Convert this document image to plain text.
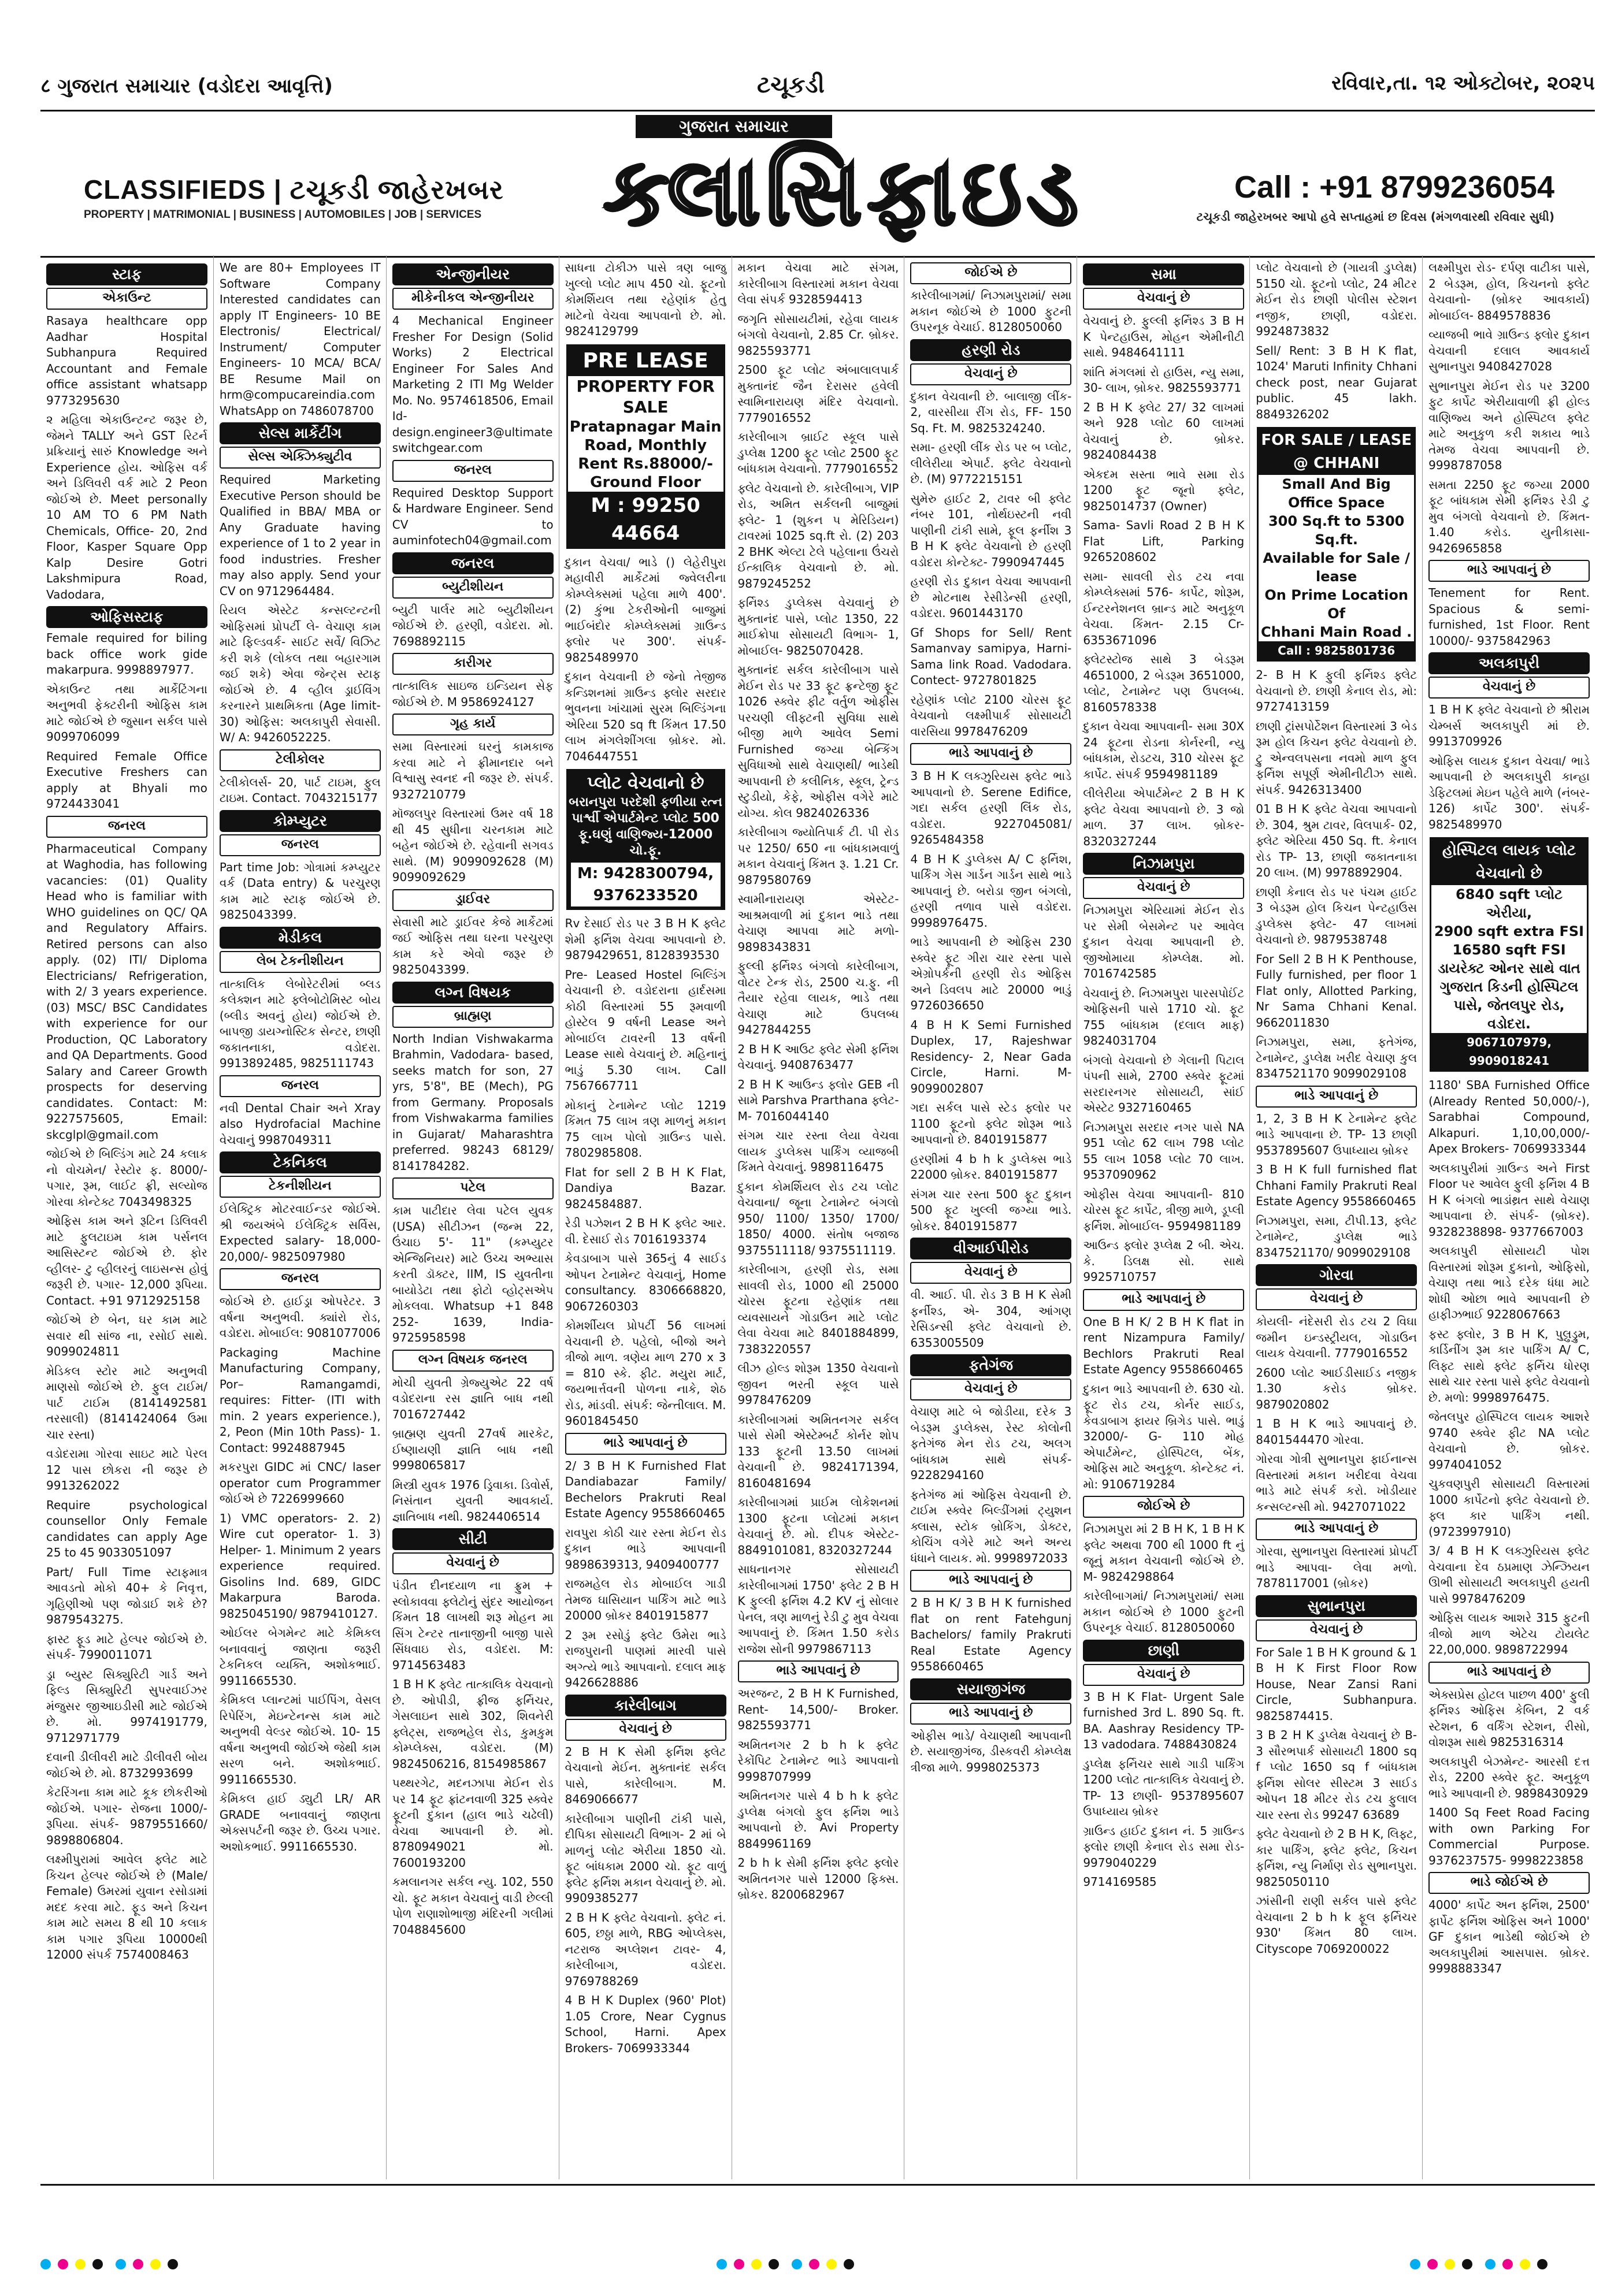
८ ગુજરાત સમાચાર (વડોદરા આવૃત્તિ)	ટચૂકડી	રવિવાર,તા. ૧૨ ઓક્ટોબર, ૨૦૨૫
CLASSIFIEDS | ટચૂકડી જાહેરખબર
PROPERTY | MATRIMONIAL | BUSINESS | AUTOMOBILES | JOB | SERVICES
ગુજરાત સમાચાર
ક્લાસિફાઇડ	Call : +91 8799236054
ટચૂકડી જાહેરખબર આપો હવે સપ્તાહમાં છ દિવસ (મંગળવારથી રવિવાર સુધી)
સ્ટાફ
એકાઉન્ટ
Rasaya healthcare opp Aadhar Hospital Subhanpura Required Accountant and Female office assistant whatsapp 9773295630
૨ મહિલા એકાઉન્ટન્ટ જરૂર છે, જેમને TALLY અને GST રિટર્ન પ્રક્રિયાનું સારું Knowledge અને Experience હોય. ઓફિસ વર્ક અને ડિલિવરી વર્ક માટે 2 Peon જોઈએ છે. Meet personally 10 AM TO 6 PM Nath Chemicals, Office- 20, 2nd Floor, Kasper Square Opp Kalp Desire Gotri Lakshmipura Road, Vadodara,
ઓફિસસ્ટાફ
Female required for biling back office work gide makarpura. 9998897977.
એકાઉન્ટ તથા માર્કેટિંગના અનુભવી ફેક્ટરીની ઓફિસ કામ માટે જોઈએ છે જુસાન સર્કલ પાસે 9099706099
Required Female Office Executive Freshers can apply at Bhyali mo 9724433041
જનરલ
Pharmaceutical Company at Waghodia, has following vacancies: (01) Quality Head who is familiar with WHO guidelines on QC/ QA and Regulatory Affairs. Retired persons can also apply. (02) ITI/ Diploma Electricians/ Refrigeration, with 2/ 3 years experience. (03) MSC/ BSC Candidates with experience for our Production, QC Laboratory and QA Departments. Good Salary and Career Growth prospects for deserving candidates. Contact: M: 9227575605, Email: skcglpl@gmail.com
જોઈએ છે બિલ્ડિંગ માટે 24 કલાક નો વોચમેન/ રેસ્ટોર ફ. 8000/- પગાર, રૂમ, લાઈટ ફ્રી, સલ્યોજ ગોરવા કોન્ટેક્ટ 7043498325
ઓફિસ કામ અને રૂટિન ડિલિવરી માટે ફુલટાઇમ કામ પર્સનલ આસિસ્ટન્ટ જોઈએ છે. ફોર વ્હીલર- ટુ વ્હીલરનું લાઇસન્સ હોવું જરૂરી છે. પગાર- 12,000 રૂપિયા. Contact. +91 9712925158
જોઈએ છે બેન, ઘર કામ માટે સવાર થી સાંજ ના, રસોઈ સાથે. 9099024811
મેડિકલ સ્ટોર માટે અનુભવી માણસો જોઈએ છે. ફુલ ટાઈમ/ પાર્ટ ટાઈમ (8141492581 તરસાલી) (8141424064 ઉમા ચાર રસ્તા)
વડોદરામા ગોરવા સાઇટ માટે પેરલ 12 પાસ છોકરા ની જરૂર છે 9913262022
Require psychological counsellor Only Female candidates can apply Age 25 to 45 9033051097
Part/ Full Time સ્ટાફમાત્ર આવડતો મોકો 40+ કે નિવૃત્ત, ગૃહિણીઓ પણ જોડાઈ શકે છે? 9879543275.
ફાસ્ટ ફૂડ માટે હેલ્પર જોઈએ છે. સંપર્ક- 7990011071
ડ્રા બ્યુસ્ટ સિક્યુરિટી ગાર્ડ અને ફિલ્ડ સિક્યુરિટી સુપરવાઈઝર મંજુસર જીઆઇડીસી માટે જોઈએ છે. મો. 9974191779, 9712971779
દવાની ડીલીવરી માટે ડીલીવરી બોય જોઈએ છે. મો. 8732993699
કેટરિંગના કામ માટે કૂક છોકરીઓ જોઈએ. પગાર- રોજના 1000/- રૂપિયા. સંપર્ક- 9879551660/ 9898806804.
લક્ષ્મીપુરામાં આવેલ ફ્લેટ માટે કિચન હેલ્પર જોઈએ છે (Male/ Female) ઉમરમાં યુવાન રસોડામાં મદદ કરવા માટે. ફૂડ અને કિચન કામ માટે સમય 8 થી 10 કલાક કામ પગાર રૂપિયા 10000થી 12000 સંપર્ક 7574008463
We are 80+ Employees IT Software Company Interested candidates can apply IT Engineers- 10 BE Electronis/ Electrical/ Instrument/ Computer Engineers- 10 MCA/ BCA/ BE Resume Mail on hrm@compucareindia.com WhatsApp on 7486078700
સેલ્સ માર્કેટીંગ
સેલ્સ એક્ઝિક્યુટીવ
Required Marketing Executive Person should be Qualified in BBA/ MBA or Any Graduate having experience of 1 to 2 year in food industries. Fresher may also apply. Send your CV on 9712964484.
રિયલ એસ્ટેટ કન્સલ્ટન્ટની ઓફિસમાં પ્રોપર્ટી લે- વેચાણ કામ માટે ફિલ્ડવર્ક- સાઈટ સર્વે/ વિઝિટ કરી શકે (લોકલ તથા બહારગામ જઈ શકે) એવા જેન્ટ્સ સ્ટાફ જોઈએ છે. 4 વ્હીલ ડ્રાઈવિંગ કરનારને પ્રાથમિકતા (Age limit- 30) ઓફિસ: અલકાપુરી સેવાસી. W/ A: 9426052225.
ટેલીકોલર
ટેલીકોલર્સ- 20, પાર્ટ ટાઇમ, ફુલ ટાઇમ. Contact. 7043215177
કોમ્પ્યુટર
જનરલ
Part time Job: ગોત્રામાં કમ્પ્યુટર વર્ક (Data entry) & પરચુરણ કામ માટે સ્ટાફ જોઈએ છે. 9825043399.
મેડીકલ
લેબ ટેકનીશીયન
તાત્કાલિક લેબોરેટરીમાં બ્લડ કલેક્શન માટે ફ્લેબોટોમિસ્ટ બોય (બ્લીડ અવનું હોય) જોઈએ છે. બાપજી ડાયગ્નોસ્ટિક સેન્ટર, છાણી જકાતનાકા, વડોદરા. 9913892485, 9825111743
જનરલ
નવી Dental Chair અને Xray also Hydrofacial Machine વેચવાનું 9987049311
ટેકનિકલ
ટેકનીશીયન
ઈલેક્ટ્રિક મોટરવાઈન્ડર જોઈએ. શ્રી જયઅંબે ઈલેક્ટ્રિક સર્વિસ, Expected salary- 18,000- 20,000/- 9825097980
જનરલ
જોઈએ છે. હાઈડ્રા ઓપરેટર. 3 વર્ષના અનુભવી. ક્યાંરો રોડ, વડોદરા. મોબાઈલ: 9081077006
Packaging Machine Manufacturing Company, Por– Ramangamdi, requires: Fitter- (ITI with min. 2 years experience.), 2, Peon (Min 10th Pass)- 1. Contact: 9924887945
મકરપુરા GIDC માં CNC/ laser operator cum Programmer જોઈએ છે 7226999660
1) VMC operators- 2. 2) Wire cut operator- 1. 3) Helper- 1. Minimum 2 years experience required. Gisolins Ind. 689, GIDC Makarpura Baroda. 9825045190/ 9879410127.
ઓઈલર બેગમેન્ટ માટે કેમિકલ બનાવવાનું જાણતા જરૂરી ટેકનિકલ વ્યક્તિ, અશોકભાઈ. 9911665530.
કેમિકલ પ્લાન્ટમાં પાઈપિંગ, વેસલ રિપેરિંગ, મેઇન્ટેનન્સ કામ માટે અનુભવી વેલ્ડર જોઈએ. 10- 15 વર્ષના અનુભવી જોઈએ જેથી કામ સરળ બને. અશોકભાઈ. 9911665530.
કેમિકલ હાઈ ડ્યુટી LR/ AR GRADE બનાવવાનું જાણતા એક્સપર્ટની જરૂર છે. ઉચ્ચ પગાર. અશોકભાઈ. 9911665530.
એન્જીનીયર
મીકેનીકલ એન્જીનીયર
4 Mechanical Engineer Fresher For Design (Solid Works) 2 Electrical Engineer For Sales And Marketing 2 ITI Mg Welder Mo. No. 9574618506, Email Id- design.engineer3@ultimate switchgear.com
જનરલ
Required Desktop Support & Hardware Engineer. Send CV to auminfotech04@gmail.com
જનરલ
બ્યુટીશીયન
બ્યુટી પાર્લર માટે બ્યુટીશીયન જોઈએ છે. હરણી, વડોદરા. મો. 7698892115
કારીગર
તાત્કાલિક સાઇજ ઇન્ડિયન સેફ જોઈએ છે. M 9586924127
ગૃહ કાર્ય
સમા વિસ્તારમાં ઘરનું કામકાજ કરવા માટે ને ફ્રીમાનદાર બને વિશ્વાસુ સ્વનદ ની જરૂર છે. સંપર્ક. 9327210779
મૉજલપુર વિસ્તારમાં ઉમર વર્ષ 18 થી 45 સુધીના ચરનકામ માટે બહેન જોઈએ છે. રહેવાની સગવડ સાથે. (M) 9099092628 (M) 9099092629
ડ્રાઈવર
સેવાસી માટે ડ્રાઈવર કેજે માર્કેટમાં જઈ ઓફિસ તથા ઘરના પરચુરણ કામ કરે એવો જરૂર છે 9825043399.
લગ્ન વિષયક
બ્રાહ્મણ
North Indian Vishwakarma Brahmin, Vadodara- based, seeks match for son, 27 yrs, 5'8", BE (Mech), PG from Germany. Proposals from Vishwakarma families in Gujarat/ Maharashtra preferred. 98243 68129/ 8141784282.
પટેલ
કામ પાટીદાર લેવા પટેલ યુવક (USA) સીટીઝન (જન્મ 22, ઉંચાઇ 5'- 11" (કમ્પ્યુટર એન્જિનિયર) માટે ઉચ્ચ અભ્યાસ કરતી ડૉક્ટર, IIM, IS યુવતીના બાયોડેટા તથા ફોટો વ્હોટ્સએપ મોકલવા. Whatsup +1 848 252- 1639, India- 9725958598
લગ્ન વિષયક જનરલ
મોચી યુવતી ગ્રેજ્યુએટ 22 વર્ષ વડોદરાના રસ જ્ઞાતિ બાધ નથી 7016727442
બ્રાહ્મણ યુવતી 27વર્ષ મારકેટ, ઈષ્ણાયણી જ્ઞાતિ બાધ નથી 9998065817
મિસ્ત્રી યુવક 1976 ડ્રિવાકા. ડિવોર્સ, નિસંતાન યુવતી આવકાર્ય. જ્ઞાતિબાધ નથી. 9824406514
સીટી
વેચવાનું છે
પંડીત દીનદયાળ ના ફ્રુમ + સ્લોકાવવા ફ્લેટોનું સુંદર આયોજન કિંમત 18 લાખથી શરૂ મોહન મા સિંગ ટેન્ટર તાનાજીની બાજી પાસે સિંધવાઇ રોડ, વડોદરા. M: 9714563483
1 B H K ફ્લેટ તાત્કાલિક વેચવાનો છે. ઓપીડી, ફ્રીજ ફર્નિચર, ગેસલાઇન સાથે 302, શિવનેરી ફ્લેટ્સ, રાજભહેલ રોડ, કુમકુમ કોમ્પ્લેક્સ, વડોદરા. (M) 9824506216, 8154985867
પથ્થરગેટ, મદનઝાપા મેઈન રોડ પર 14 ફૂટ ફ્રાંટનવાળી 325 સ્ક્વેર ફૂટની દુકાન (હાલ ભાડે ચઢેલી) વેચવા આપવાની છે. મો. 8780949021 મો. 7600193200
કમલાનગર સર્કલ ન્યુ. 102, 550 ચો. ફૂટ મકાન વેચવાનું વાડી છેલ્લી પોળ રાણાશોભાજી મંદિરની ગલીમાં 7048845600
સાધના ટોકીઝ પાસે ત્રણ બાજુ ખુલ્લો પ્લોટ માપ 450 ચો. ફૂટનો કોમર્શિયલ તથા રહેણાંક હેતુ માટેનો વેચવા આપવાનો છે. મો. 9824129799
PRE LEASE
PROPERTY FOR SALE
Pratapnagar Main Road, Monthly Rent Rs.88000/- Ground Floor
M : 99250 44664
દુકાન વેચવા/ ભાડે () લેહેરીપુરા મહાવીરી માર્કેટમાં જ્વેલરીના કોમ્પ્લેક્સમાં પહેલા માળે 400'. (2) કુંભા ટેકરીઓની બાજુમાં ભાઈબંદોર કોમ્પ્લેક્સમાં ગ્રાઉન્ડ ફ્લોર પર 300'. સંપર્ક- 9825489970
દુકાન વેચવાની છે જેનો તેજીજ કન્ડિશનમાં ગ્રાઉન્ડ ફ્લોર સરદાર ભુવનના ખાંચામાં સુરમ બિલ્ડિંગના એરિયા 520 sq ft કિંમત 17.50 લાખ મંગલેશીંગલા બ્રોકર. મો. 7046447551
પ્લોટ વેચવાનો છે
બરાનપુરા પરદેશી ફળીયા રત્ન પાર્શ્વી એપાર્ટમેન્ટ પ્લોટ 500 ફૂ.ઘણું વાણિજ્ય-12000 ચો.ફૂ.
M: 9428300794, 9376233520
Rv દેસાઈ રોડ પર 3 B H K ફ્લેટ શેમી ફર્નિશ વેચવા આપવાનો છે. 9879429651, 8128393530
Pre- Leased Hostel બિલ્ડિંગ વેચવાની છે. વડોદરાના હાર્દસમા કોઠી વિસ્તારમાં 55 રૂમવાળી હોસ્ટેલ 9 વર્ષની Lease અને મોબાઈલ ટાવરની 13 વર્ષની Lease સાથે વેચવાનું છે. મહિનાનું ભાડું 5.30 લાખ. Call 7567667711
મોકાનું ટેનામેન્ટ પ્લોટ 1219 કિંમત 75 લાખ ત્રણ માળનું મકાન 75 લાખ પોલો ગ્રાઉન્ડ પાસે. 7802985808.
Flat for sell 2 B H K Flat, Dandiya Bazar. 9824584887.
રેડી પઝેશન 2 B H K ફ્લેટ આર. વી. દેસાઈ રોડ 7016193374
કેવડાબાગ પાસે 365નું 4 સાઈડ ઓપન ટેનામેન્ટ વેચવાનું, Home consultancy. 8306668820, 9067260303
કોમર્શીયલ પ્રોપર્ટી 56 લાખમાં વેચવાની છે. પહેલો, બીજો અને ત્રીજો માળ. ત્રણેય માળ 270 x 3 = 810 સ્કે. ફીટ. મયુરા માર્ટ, જયભાર્ત્તવની પોળના નાકે, શેઠ રોડ, માંડવી. સંપર્ક: જેન્તીલાલ. M. 9601845450
ભાડે આપવાનું છે
2/ 3 B H K Furnished Flat Dandiabazar Family/ Bechelors Prakruti Real Estate Agency 9558660465
રાવપુરા કોઠી ચાર રસ્તા મેઈન રોડ દુકાન ભાડે આપવાની 9898639313, 9409400777
રાજમહેલ રોડ મોબાઈલ ગાડી તેમજ ઘાસિયાન પાર્કિંગ માટે ભાડે 20000 બ્રોકર 8401915877
2 રૂમ રસોડું ફ્લેટ ઉમેરા ભાડે રાજપુરાની પાણમાં મારવી પાસે અગ્ત્યે ભાડે આપવાનો. દલાલ માફ 9426628886
કારેલીબાગ
વેચવાનું છે
2 B H K સેમી ફર્નિશ ફ્લેટ વેચવાનો મેઈન. મુક્તાનંદ સર્કલ પાસે, કારેલીબાગ. M. 8469066677
કારેલીબાગ પાણીની ટાંકી પાસે, દીપિકા સોસાયટી વિભાગ- 2 માં બે માળનું પ્લોટ એરીયા 1850 ચો. ફૂટ બાંધકામ 2000 ચો. ફૂટ વાળું ફ્લેટ ફર્નિશ મકાન વેચવાનું છે. મો. 9909385277
2 B H K ફ્લેટ વેચવાનો. ફ્લેટ નં. 605, છઠ્ઠા માળે, RBG ઓપ્લેક્સ, નટરાજ અપ્લેશન ટાવર- 4, કારેલીબાગ, વડોદરા. 9769788269
4 B H K Duplex (960' Plot) 1.05 Crore, Near Cygnus School, Harni. Apex Brokers- 7069933344
મકાન વેચવા માટે સંગમ, કારેલીબાગ વિસ્તારમાં મકાન વેચવા લેવા સંપર્ક 9328594413
જગૃતિ સોસાયટીમાં, રહેવા લાયક બંગલો વેચવાનો, 2.85 Cr. બ્રોકર. 9825593771
2500 ફૂટ પ્લોટ અંબાલાલપાર્ક મુક્તાનંદ જૈન દેરાસર હવેલી સ્વામિનારાયણ મંદિર વેચવાનો. 7779016552
કારેલીબાગ બ્રાઈટ સ્કૂલ પાસે ડુપ્લેક્ષ 1200 ફૂટ પ્લોટ 2500 ફૂટ બાંધકામ વેચવાનો. 7779016552
ફ્લેટ વેચવાનો છે. કારેલીબાગ, VIP રોડ, અમિત સર્કલની બાજુમાં ફ્લેટ- 1 (શુકન ૫ મેરિડિયન) ટાવરમાં 1025 sq.ft રો. (2) 203 2 BHK એલ્ટા ટેલે પહેલાના ઉંચરો ઈત્કાલિક વેચવાનો છે. મો. 9879245252
ફર્નિશ્ડ ડુપ્લેક્સ વેચવાનું છે મુક્તાનંદ પાસે, પ્લોટ 1350, 22 માઈક્રોપા સોસાયટી વિભાગ- 1, મોબાઈલ- 9825070428.
મુક્તાનંદ સર્કલ કારેલીબાગ પાસે મેઈન રોડ પર 33 ફૂટ ફ્રન્ટેજી ફૂટ 1026 સ્ક્વેર ફીટ વર્તુળ ઓફીસ પરચણી લીફ્ટની સુવિધા સાથે બીજી માળે આવેલ Semi Furnished જગ્યા બેન્કિંગ સુવિધાઓ સાથે વેચાણથી/ ભાડેથી આપવાની છે કલીનિક, સ્કૂલ, ટ્રેન્ડ સ્ટુડીયો, કેફે, ઓફીસ વગેરે માટે યોગ્ય. કોલ 9824026336
કારેલીબાગ જ્યોતિપાર્ક ટી. પી રોડ પર 1250/ 650 ના બાંધકામવાળું મકાન વેચવાનું કિંમત રૂ. 1.21 Cr. 9879580769
સ્વામીનારાયણ એસ્ટેટ- આશ્રમવાળી માં દુકાન ભાડે તથા વેચાણ આપવા માટે મળો- 9898343831
ફુલ્લી ફર્નિશ્ડ બંગલો કારેલીબાગ, વોટર ટેન્ક રોડ, 2500 ચ.ફુ. ની તૈયાર રહેવા લાયક, ભાડે તથા વેચાણ માટે ઉપલબ્ધ 9427844255
2 B H K આઉટ ફ્લેટ સેમી ફર્નિશ વેચવાનું. 9408763477
2 B H K આઉન્ડ ફ્લોર GEB ની સામે Parshva Prarthana ફ્લેટ- M- 7016044140
સંગમ ચાર રસ્તા લેયા વેચવા લાયક ડુપ્લેક્સ પાર્કિંગ વ્યાજબી કિંમતે વેચવાનું. 9898116475
દુકાન કોમર્શિયલ રોડ ટચ પ્લોટ વેચવાના/ જૂના ટેનામેન્ટ બંગલો 950/ 1100/ 1350/ 1700/ 1850/ 4000. સંતોષ બજાજ 9375511118/ 9375511119.
કારેલીબાગ, હરણી રોડ, સમા સાવલી રોડ, 1000 થી 25000 ચોરસ ફૂટના રહેણાંક તથા વ્યવસાયને ગોડાઉન માટે પ્લોટ લેવા વેચવા માટે 8401884899, 7383220557
લીઝ હોલ્ડ શોરૂમ 1350 વેચવાનો જીવન ભરતી સ્કૂલ પાસે 9978476209
કારેલીબાગમાં અમિતનગર સર્કલ પાસે સેમી એસ્ટેમ્બર્ટ કોર્નર શોપ 133 ફૂટની 13.50 લાખમાં વેચવાની છે. 9824171394, 8160481694
કારેલીબાગમાં પ્રાઈમ લોકેશનમાં 1300 ફૂટના પ્લોટમાં મકાન વેચવાનું છે. મો. દીપક એસ્ટેટ- 8849101081, 8320327244
સાધનાનગર સોસાયટી કારેલીબાગમાં 1750' ફ્લેટ 2 B H K ફુલ્લી ફર્નિશ 4.2 KV નું સોલાર પેનલ, ત્રણ માળનું રેડી ટુ મુવ વેચવા આપવાનું છે. કિંમત 1.50 કરોડ રાજેશ સોની 9979867113
ભાડે આપવાનું છે
અરજન્ટ, 2 B H K Furnished, Rent- 14,500/- Broker. 9825593771
અમિતનગર 2 b h k ફ્લેટ રેકોંપિટ ટેનામેન્ટ ભાડે આપવાનો 9998707999
અમિતનગર પાસે 4 b h k ફ્લેટ ડુપ્લેક્ષ બંગલો ફુલ ફર્નિશ ભાડે આપવાનો છે. Avi Property 8849961169
2 b h k સેમી ફર્નિશ ફ્લેટ ફ્લોર અમિતનગર પાસે 12000 ફિક્સ. બ્રોકર. 8200682967
જોઈએ છે
કારેલીબાગમાં/ નિઝામપુરામાં/ સમા મકાન જોઈએ છે 1000 ફુટની ઉપરનૂક વેચાઈ. 8128050060
હરણી રોડ
વેચવાનું છે
દુકાન વેચવાની છે. બાલાજી લીંક- 2, વારસીયા રીંગ રોડ, FF- 150 Sq. Ft. M. 9825324240.
સમા- હરણી લીંક રોડ પર બ પ્લોટ, લીલેરીયા એપાર્ટ. ફ્લેટ વેચવાનો છે. (M) 9772215151
સુમેરુ હાઈટ 2, ટાવર બી ફ્લેટ નંબર 101, નોર્થઇસ્ટની નવી પાણીની ટાંકી સામે, ફૂલ ફર્નીશ 3 B H K ફ્લેટ વેચવાનો છે હરણી વડોદરા કોન્ટેક્ટ- 7990947445
હરણી રોડ દુકાન વેચવા આપવાની છે મોટનાથ રેસીડેન્સી હરણી, વડોદરા. 9601443170
Gf Shops for Sell/ Rent Samanvay samipya, Harni- Sama link Road. Vadodara. Contect- 9727801825
રહેણાંક પ્લોટ 2100 ચોરસ ફૂટ વેચવાનો લક્ષ્મીપાર્ક સોસાયટી વારસિયા 9978476209
ભાડે આપવાનું છે
3 B H K લક્ઝુરિયસ ફ્લેટ ભાડે આપવાનો છે. Serene Edifice, ગદા સર્કલ હરણી લિંક રોડ, વડોદરા. 9227045081/ 9265484358
4 B H K ડુપ્લેક્સ A/ C ફર્નિશ, પાર્કિંગ ગેસ ગાર્ડન ગાર્ડન સાથે ભાડે આપવાનું છે. બરોડા જીન બંગલો, હરણી તળાવ પાસે વડોદરા. 9998976475.
ભાડે આપવાની છે ઓફિસ 230 સ્ક્વેર ફૂટ ગીરા ચાર રસ્તા પાસે એગ્રોપર્કની હરણી રોડ ઓફિસ અને ડિવલપ માટે 20000 ભાડું 9726036650
4 B H K Semi Furnished Duplex, 17, Rajeshwar Residency- 2, Near Gada Circle, Harni. M- 9099002807
ગદા સર્કલ પાસે સ્ટેડ ફ્લોર પર 1100 ફૂટનો ફ્લેટ શોરૂમ ભાડે આપવાનો છે. 8401915877
હરણીમાં 4 b h k ડુપ્લેક્સ ભાડે 22000 બ્રોકર. 8401915877
સંગમ ચાર રસ્તા 500 ફૂટ દુકાન 500 ફૂટ ખુલ્લી જગ્યા ભાડે. બ્રોકર. 8401915877
વીઆઈપીરોડ
વેચવાનું છે
વી. આઈ. પી. રોડ 3 B H K સેમી ફર્નીશ્ડ, એ- 304, આંગણ રેસિડન્સી ફ્લેટ વેચવાનો છે. 6353005509
ફતેગંજ
વેચવાનું છે
વેચાણ માટે બે જોડીયા, દરેક 3 બેડરૂમ ડુપ્લેક્સ, રેસ્ટ કોલોની ફતેગંજ મેન રોડ ટચ, અલગ બાંધકામ સાથે સંપર્ક- 9228294160
ફતેગંજ માં ઓફિસ વેચવાની છે. ટાઈમ સ્ક્વેર બિલ્ડીંગમાં ટ્યુશન ક્લાસ, સ્ટોક બ્રોકિંગ, ડોક્ટર, કોચિંગ વગેરે માટે અને અન્ય ધંધાને લાયક. મો. 9998972033
ભાડે આપવાનું છે
2 B H K/ 3 B H K furnished flat on rent Fatehgunj Bachelors/ family Prakruti Real Estate Agency 9558660465
સયાજીગંજ
ભાડે આપવાનું છે
ઓફીસ ભાડે/ વેચાણથી આપવાની છે. સયાજીગંજ, ડીસ્કવરી કોમ્પ્લેક્ષ ત્રીજા માળે. 9998025373
સમા
વેચવાનું છે
વેચવાનું છે. ફુલ્લી ફર્નિશ્ડ 3 B H K પેન્ટહાઉસ, મોહન એમીનીટી સાથે. 9484641111
શાંતિ મંગલમાં રો હાઉસ, ન્યુ સમા, 30- લાખ, બ્રોકર. 9825593771
2 B H K ફ્લેટ 27/ 32 લાખમાં અને 928 પ્લોટ 60 લાખમાં વેચવાનું છે. બ્રોકર. 9824084438
એકદમ સસ્તા ભાવે સમા રોડ 1200 ફૂટ જૂનો ફ્લેટ, 9825014737 (Owner)
Sama- Savli Road 2 B H K Flat Lift, Parking 9265208602
સમા- સાવલી રોડ ટચ નવા કોમ્પ્લેક્સમાં 576- કાર્પેટ, શોરૂમ, ઈન્ટરનેશનલ બ્રાન્ડ માટે અનુકૂળ વેચવા. કિંમત- 2.15 Cr- 6353671096
ફ્લેટસ્ટોજ સાથે 3 બેડરૂમ 4651000, 2 બેડરૂમ 3651000, પ્લોટ, ટેનામેન્ટ પણ ઉપલબ્ધ. 8160578338
દુકાન વેચવા આપવાની- સમા 30X 24 ફૂટના રોડના કોર્નરની, ન્યુ બાંધકામ, રોડટચ, 310 ચોરસ ફૂટ કાર્પેટ. સંપર્ક 9594981189
લીલેરીયા એપાર્ટમેન્ટ 2 B H K ફ્લેટ વેચવા આપવાનો છે. 3 જો માળ. 37 લાખ. બ્રોકર- 8320327244
નિઝામપુરા
વેચવાનું છે
નિઝામપુરા એરિયામાં મેઈન રોડ પર સેમી બેસમેન્ટ પર આવેલ દુકાન વેચવા આપવાની છે. જીઓમાયા કોમ્પ્લેક્ષ. મો. 7016742585
વેચવાનું છે. નિઝામપુરા પારસપોઈંટ ઓફિસની પાસે 1710 ચો. ફૂટ 755 બાંધકામ (દલાલ માફ) 9824031704
બંગલો વેચવાનો છે ગેલાની પિટાલ પંપની સામે, 2700 સ્ક્વેર ફૂટમાં સરદારનગર સોસાયટી, સાંઈ એસ્ટેટ 9327160465
નિઝામપુરા સરદાર નગર પાસે NA 951 પ્લોટ 62 લાખ 798 પ્લોટ 55 લાખ 1058 પ્લોટ 70 લાખ. 9537090962
ઓફીસ વેચવા આપવાની- 810 ચોરસ ફૂટ કાર્પેટ, ત્રીજી માળે, ડૂપ્લી ફર્નિશ. મોબાઈલ- 9594981189
આઉન્ડ ફ્લોર રૂપ્લેક્ષ 2 બી. એચ. કે. ડિલક્ષ સો. સાથે 9925710757
ભાડે આપવાનું છે
One B H K/ 2 B H K flat in rent Nizampura Family/ Bechlors Prakruti Real Estate Agency 9558660465
દુકાન ભાડે આપવાની છે. 630 ચો. ફૂટ રોડ ટચ, કોર્નર સાઈડ, કેવડાબાગ ફાયર બ્રિગેડ પાસે. ભાડું 32000/- G- 110 મોહ એપાર્ટમેન્ટ, હોસ્પિટલ, બેંક, ઓફિસ માટે અનુકૂળ. કોન્ટેક્ટ નં. મો: 9106719284
જોઈએ છે
નિઝામપુરા માં 2 B H K, 1 B H K ફ્લેટ અથવા 700 થી 1000 ft નું જૂનું મકાન વેચવાની જોઈએ છે. M- 9824298864
કારેલીબાગમાં/ નિઝામપુરામાં/ સમા મકાન જોઈએ છે 1000 ફુટની ઉપરનૂક વેચાઈ. 8128050060
છાણી
વેચવાનું છે
3 B H K Flat- Urgent Sale furnished 3rd L. 890 Sq. ft. BA. Aashray Residency TP- 13 vadodara. 7488430824
ડુપ્લેક્ષ ફર્નિચર સાથે ગાડી પાર્કિંગ 1200 પ્લોટ તાત્કાલિક વેચવાનું છે. TP- 13 છાણી- 9537895607 ઉપાધ્યાય બ્રોકર
ગ્રાઉન્ડ હાઈટ દુકાન નં. 5 ગ્રાઉન્ડ ફ્લોર છાણી કેનાલ રોડ સમા રોડ- 9979040229
9714169585
પ્લોટ વેચવાનો છે (ગાયત્રી ડુપ્લેક્ષ) 5150 ચો. ફૂટનો પ્લોટ, 24 મીટર મેઈન રોડ છાણી પોલીસ સ્ટેશન નજીક, છાણી, વડોદરા. 9924873832
Sell/ Rent: 3 B H K flat, 1024' Maruti Infinity Chhani check post, near Gujarat public. 45 lakh. 8849326202
FOR SALE / LEASE @ CHHANI
Small And Big Office Space
300 Sq.ft to 5300 Sq.ft.
Available for Sale / lease
On Prime Location Of
Chhani Main Road .
Call : 9825801736
2- B H K ફુલી ફર્નિશ્ડ ફ્લેટ વેચવાનો છે. છાણી કેનાલ રોડ, મો: 9727413159
છાણી ટ્રાંસપોર્ટેશન વિસ્તારમાં 3 બેડ રૂમ હોલ કિચન ફ્લેટ વેચવાનો છે. ટ્રુ એન્વલપસના નવમો માળ ફુલ ફર્નિશ સપૂર્ણ એમીનીટીઝ સાથે. સંપર્ક. 9426313400
01 B H K ફ્લેટ વેચવા આપવાનો છે. 304, શ્રુમ ટાવર, વિલપાર્ક- 02, ફ્લેટ એરિયા 450 Sq. ft. કેનાલ રોડ TP- 13, છાણી જકાતનાકા 20 લાખ. (M) 9978892904.
છાણી કેનાલ રોડ પર પંચમ હાઈટ 3 બેડરૂમ હોલ કિચન પેન્ટહાઉસ ડુપ્લેક્સ ફ્લેટ- 47 લાખમાં વેચવાનો છે. 9879538748
For Sell 2 B H K Penthouse, Fully furnished, per floor 1 Flat only, Allotted Parking, Nr Sama Chhani Kenal. 9662011830
નિઝામપુરા, સમા, ફતેગંજ, ટેનામેન્ટ, ડુપ્લેક્ષ ખરીદ વેચાણ કુલ 8347521170 9099029108
ભાડે આપવાનું છે
1, 2, 3 B H K ટેનામેન્ટ ફ્લેટ ભાડે આપવાના છે. TP- 13 છાણી 9537895607 ઉપાધ્યાય બ્રોકર
3 B H K full furnished flat Chhani Family Prakruti Real Estate Agency 9558660465
નિઝામપુરા, સમા, ટીપી.13, ફ્લેટ ટેનામેન્ટ, ડુપ્લેક્ષ ભાડે 8347521170/ 9099029108
ગોરવા
વેચવાનું છે
કોયલી- નંદેસરી રોડ ટચ 2 વિઘા જમીન ઇન્ડસ્ટ્રીયલ, ગોડાઉન લાયક વેચવાની. 7779016552
2600 પ્લોટ આઈડીસાઈડ નજીક 1.30 કરોડ બ્રોકર. 9879020802
1 B H K ભાડે આપવાનું છે. 8401544470 ગોરવા.
ગોરવા ગોત્રી સુભાનપુરા ફાઈનાન્સ વિસ્તારમાં મકાન ખરીદવા વેચવા ભાડે માટે સંપર્ક કરો. ખોડીયાર કન્સલ્ટન્સી મો. 9427071022
ભાડે આપવાનું છે
ગોરવા, સુભાનપુરા વિસ્તારમાં પ્રોપર્ટી ભાડે આપવા- લેવા મળો. 7878117001 (બ્રોકર)
સુભાનપુરા
વેચવાનું છે
For Sale 1 B H K ground & 1 B H K First Floor Row House, Near Zansi Rani Circle, Subhanpura. 9825874415.
3 B 2 H K ડુપ્લેક્ષ વેચવાનું છે B- 3 સૌરભપાર્ક સોસાયટી 1800 sq f પ્લોટ 1650 sq f બાંધકામ ફર્નિશ સોલર સીસ્ટમ 3 સાઈડ ઓપન 18 મીટર રોડ ટચ ફુલાલ ચાર રસ્તા રોડ 99247 63689
ફ્લેટ વેચવાનો છે 2 B H K, લિફ્ટ, કાર પાર્કિંગ, ફ્લેટ ફ્લેટ, કિચન ફર્નિશ, ન્યુ નિર્માણ રોડ સુભાનપુરા. 9825050110
ઝાંસીની રાણી સર્કલ પાસે ફ્લેટ વેચવાના 2 b h k ફૂલ ફર્નિચર 930' કિંમત 80 લાખ. Cityscope 7069200022
લક્ષ્મીપુરા રોડ- દર્પણ વાટીકા પાસે, 2 બેડરૂમ, હોલ, કિચનનો ફ્લેટ વેચવાનો- (બ્રોકર આવકાર્ય) મોબાઈલ- 8849578836
વ્યાજબી ભાવે ગ્રાઉન્ડ ફ્લોર દુકાન વેચવાની દલાલ આવકાર્ય સુભાનપુરા 9408427028
સુભાનપુરા મેઈન રોડ પર 3200 ફુટ કાર્પેટ એરીયાવાળી ફ્રી હોલ્ડ વાણિજ્ય અને હોસ્પિટલ ફ્લેટ માટે અનુકુળ કરી શકાય ભાડે તેમજ વેચવા આપવાની છે. 9998787058
સમતા 2250 ફૂટ જગ્યા 2000 ફૂટ બાંધકામ સેમી ફર્નિશ્ડ રેડી ટુ મુવ બંગલો વેચવાનો છે. કિંમત- 1.40 કરોડ. યુનીકાસા- 9426965858
ભાડે આપવાનું છે
Tenement for Rent. Spacious & semi- furnished, 1st Floor. Rent 10000/- 9375842963
અલકાપુરી
વેચવાનું છે
1 B H K ફ્લેટ વેચવાનો છે શ્રીરામ ચેમ્બર્સ અલકાપુરી માં છે. 9913709926
ઓફિસ લાયક દુકાન વેચવા/ ભાડે આપવાની છે અલકાપુરી કાન્હા ડેફિટલમાં મેઇન પહેલે માળે (નંબર- 126) કાર્પેટ 300'. સંપર્ક- 9825489970
હોસ્પિટલ લાયક પ્લોટ
વેચવાનો છે
6840 sqft પ્લોટ એરીયા,
2900 sqft extra FSI
16580 sqft FSI
ડાયરેક્ટ ઓનર સાથે વાત
ગુજરાત કિડની હોસ્પિટલ પાસે, જેતલપુર રોડ, વડોદરા.
9067107979, 9909018241
1180' SBA Furnished Office (Already Rented 50,000/-), Sarabhai Compound, Alkapuri. 1,10,00,000/- Apex Brokers- 7069933344
અલકાપુરીમાં ગ્રાઉન્ડ અને First Floor પર આવેલ ફુલી ફર્નિશ 4 B H K બંગલો ભાડાંથ્રત સાથે વેચાણ આપવાના છે. સંપર્ક- (બ્રોકર). 9328238898- 9377667003
અલકાપુરી સોસાયટી પોશ વિસ્તારમાં શોરૂમ દુકાનો, ઓફિસો, વેચાણ તથા ભાડે દરેક ધંધા માટે શોધી ઓછા ભાવે આપવાની છે હાફીઝભાઈ 9228067663
ફસ્ટ ફ્લોર, 3 B H K, પુલ્રુડ્રુમ, કાર્ડિનીંગ રૂમ કાર પાર્કિંગ A/ C, લિફ્ટ સાથે ફ્લેટ ફર્નિચ ધોરણ સાથે ચાર રસ્તા પાસે ફ્લેટ વેચવાનો છે. મળો: 9998976475.
જેતલપુર હોસ્પિટલ લાયક આશરે 9740 સ્ક્વેર ફીટ NA પ્લોટ વેચવાનો છે. બ્રોકર. 9974041052
ચુકવણપુરી સોસાયટી વિસ્તારમાં 1000 કાર્પેટનો ફ્લેટ વેચવાનો છે. ફ્લ કાર પાર્કિંગ નથી. (9723997910)
3/ 4 B H K લક્ઝુરિયસ ફ્લેટ વેચવાના દેવ ઠપ્રમાણ ઝેન્ઝિયન ઊભી સોસાયટી અલકાપુરી હયતી પાસે 9978476209
ઓફિસ લાયક આશરે 315 ફુટની ત્રીજો માળ એટેચ ટોયલેટ 22,00,000. 9898722994
ભાડે આપવાનું છે
એક્સપ્રેસ હોટલ પાછળ 400' ફુલી ફર્નિશ્ડ ઓફિસ કેબિન, 2 વર્ક સ્ટેશન, 6 વર્કિંગ સ્ટેશન, રીસો, વોશરૂમ સાથે 9825316314
અલકાપુરી બેઝમેન્ટ- આરસી દત્ત રોડ, 2200 સ્ક્વેર ફૂટ. અનુકૂળ ભાડે આપવાની છે. 9898430929
1400 Sq Feet Road Facing with own Parking For Commercial Purpose. 9376237575- 9998223858
ભાડે જોઈએ છે
4000' કાર્પેટ અન ફર્નિશ, 2500' ફાર્પેટ ફર્નિશ ઓફિસ અને 1000' GF દુકાન ભાડેથી જોઈએ છે અલકાપુરીમાં આસપાસ. બ્રોકર. 9998883347
